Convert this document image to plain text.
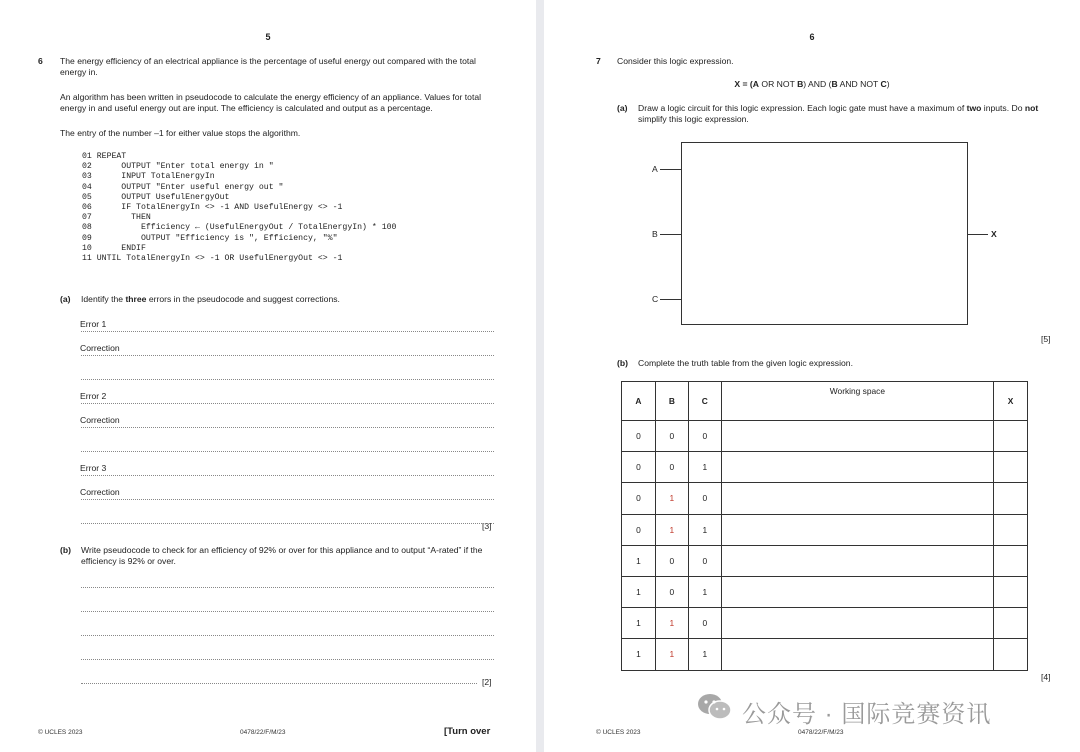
5
6 The energy efficiency of an electrical appliance is the percentage of useful energy out compared with the total energy in.
An algorithm has been written in pseudocode to calculate the energy efficiency of an appliance. Values for total energy in and useful energy out are input. The efficiency is calculated and output as a percentage.
The entry of the number –1 for either value stops the algorithm.
01 REPEAT
02      OUTPUT "Enter total energy in "
03      INPUT TotalEnergyIn
04      OUTPUT "Enter useful energy out "
05      OUTPUT UsefulEnergyOut
06      IF TotalEnergyIn <> -1 AND UsefulEnergy <> -1
07        THEN
08          Efficiency ← (UsefulEnergyOut / TotalEnergyIn) * 100
09          OUTPUT "Efficiency is ", Efficiency, "%"
10      ENDIF
11 UNTIL TotalEnergyIn <> -1 OR UsefulEnergyOut <> -1
(a) Identify the three errors in the pseudocode and suggest corrections.
[3]
(b) Write pseudocode to check for an efficiency of 92% or over for this appliance and to output “A-rated” if the efficiency is 92% or over.
[2]
© UCLES 2023	0478/22/F/M/23	[Turn over
Error 1
Correction
Error 2
Correction
Error 3
Correction
6
7 Consider this logic expression.
X = (A OR NOT B) AND (B AND NOT C)
(a) Draw a logic circuit for this logic expression. Each logic gate must have a maximum of two inputs. Do not simplify this logic expression.
A
B
C
X
[5]
(b) Complete the truth table from the given logic expression.
A	B	C	Working space	X
0	0	0		
0	0	1		
0	1	0		
0	1	1		
1	0	0		
1	0	1		
1	1	0		
1	1	1		
[4]
© UCLES 2023	0478/22/F/M/23
公众号 · 国际竞赛资讯
